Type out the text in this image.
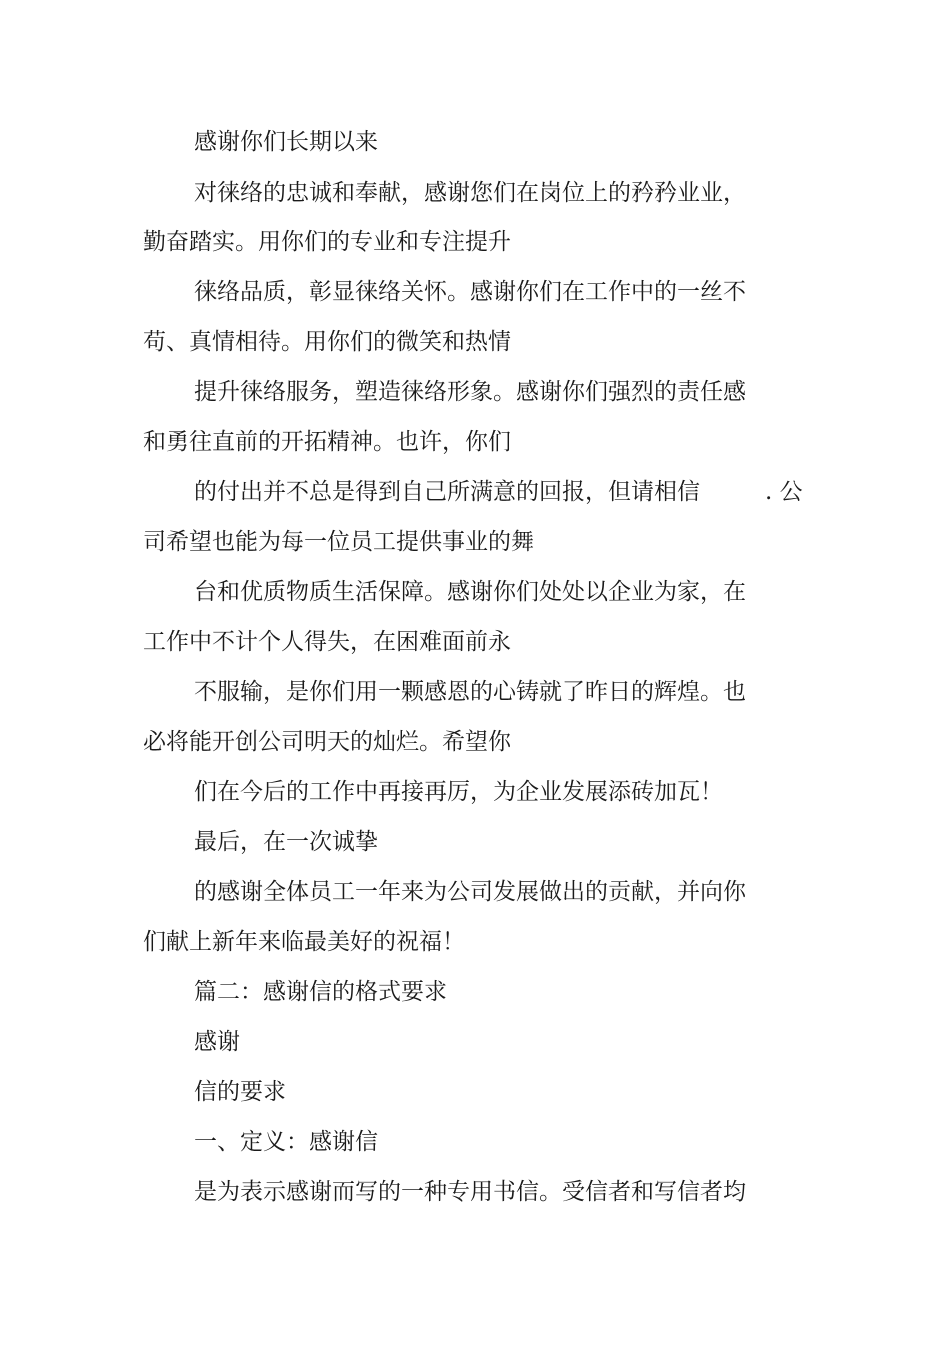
感谢你们长期以来
对徕络的忠诚和奉献，感谢您们在岗位上的矜矜业业，
勤奋踏实。用你们的专业和专注提升
徕络品质，彰显徕络关怀。感谢你们在工作中的一丝不
苟、真情相待。用你们的微笑和热情
提升徕络服务，塑造徕络形象。感谢你们强烈的责任感
和勇往直前的开拓精神。也许，你们
的付出并不总是得到自己所满意的回报，但请相信	. 公
司希望也能为每一位员工提供事业的舞
台和优质物质生活保障。感谢你们处处以企业为家，在
工作中不计个人得失，在困难面前永
不服输，是你们用一颗感恩的心铸就了昨日的辉煌。也
必将能开创公司明天的灿烂。希望你
们在今后的工作中再接再厉，为企业发展添砖加瓦！
最后，在一次诚挚
的感谢全体员工一年来为公司发展做出的贡献，并向你
们献上新年来临最美好的祝福！
篇二：感谢信的格式要求
感谢
信的要求
一、定义：感谢信
是为表示感谢而写的一种专用书信。受信者和写信者均
